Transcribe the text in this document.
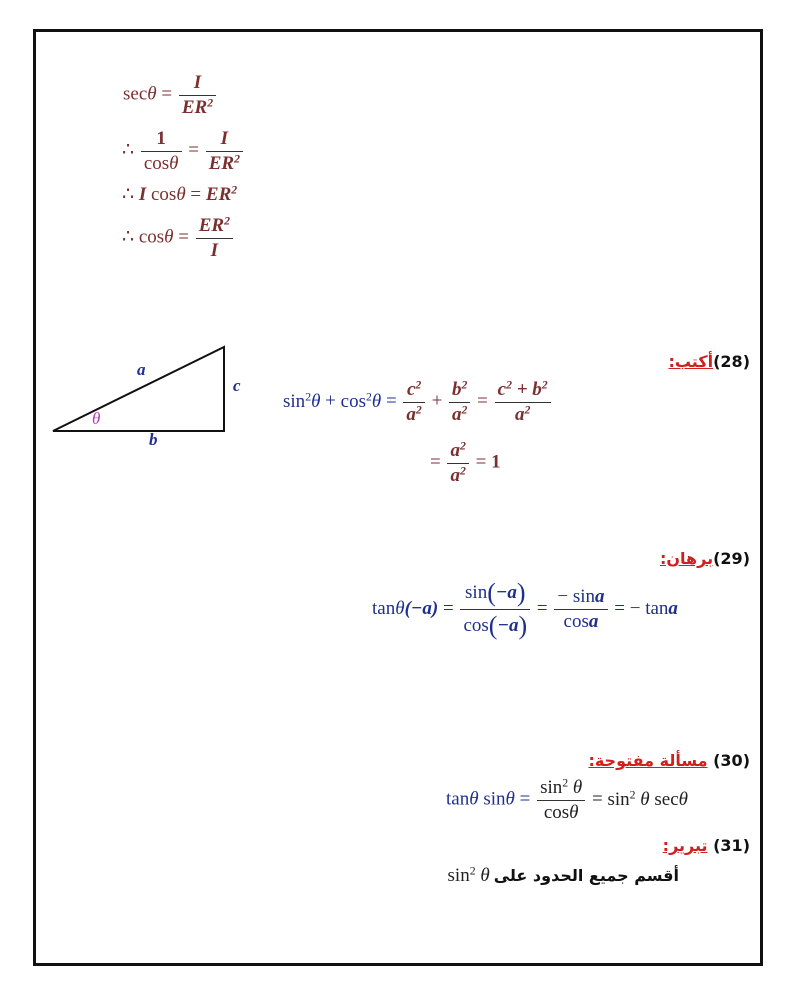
$\sec\theta = \frac{I}{ER^2}$
∴ $\frac{1}{\cos\theta} = \frac{I}{ER^2}$
∴ I $\cos\theta = ER^2$
∴ $\cos\theta = \frac{ER^2}{I}$
a
c
b
θ
(28)أكتب:
$\sin^2\theta + \cos^2\theta = \frac{c^2}{a^2} + \frac{b^2}{a^2} = \frac{c^2 + b^2}{a^2}$
= $\frac{a^2}{a^2} = 1$
(29)برهان:
$\tan\theta(-a) = \frac{\sin(-a)}{\cos(-a)} = \frac{- \sin a}{\cos a}$ = − tana
(30) مسألة مفتوحة:
tanθ $\sin\theta = \frac{\sin^2 \theta}{\cos\theta} = \sin^2 \theta$ secθ
(31) تبرير:
$\sin^2 \theta$ أقسم جميع الحدود على
